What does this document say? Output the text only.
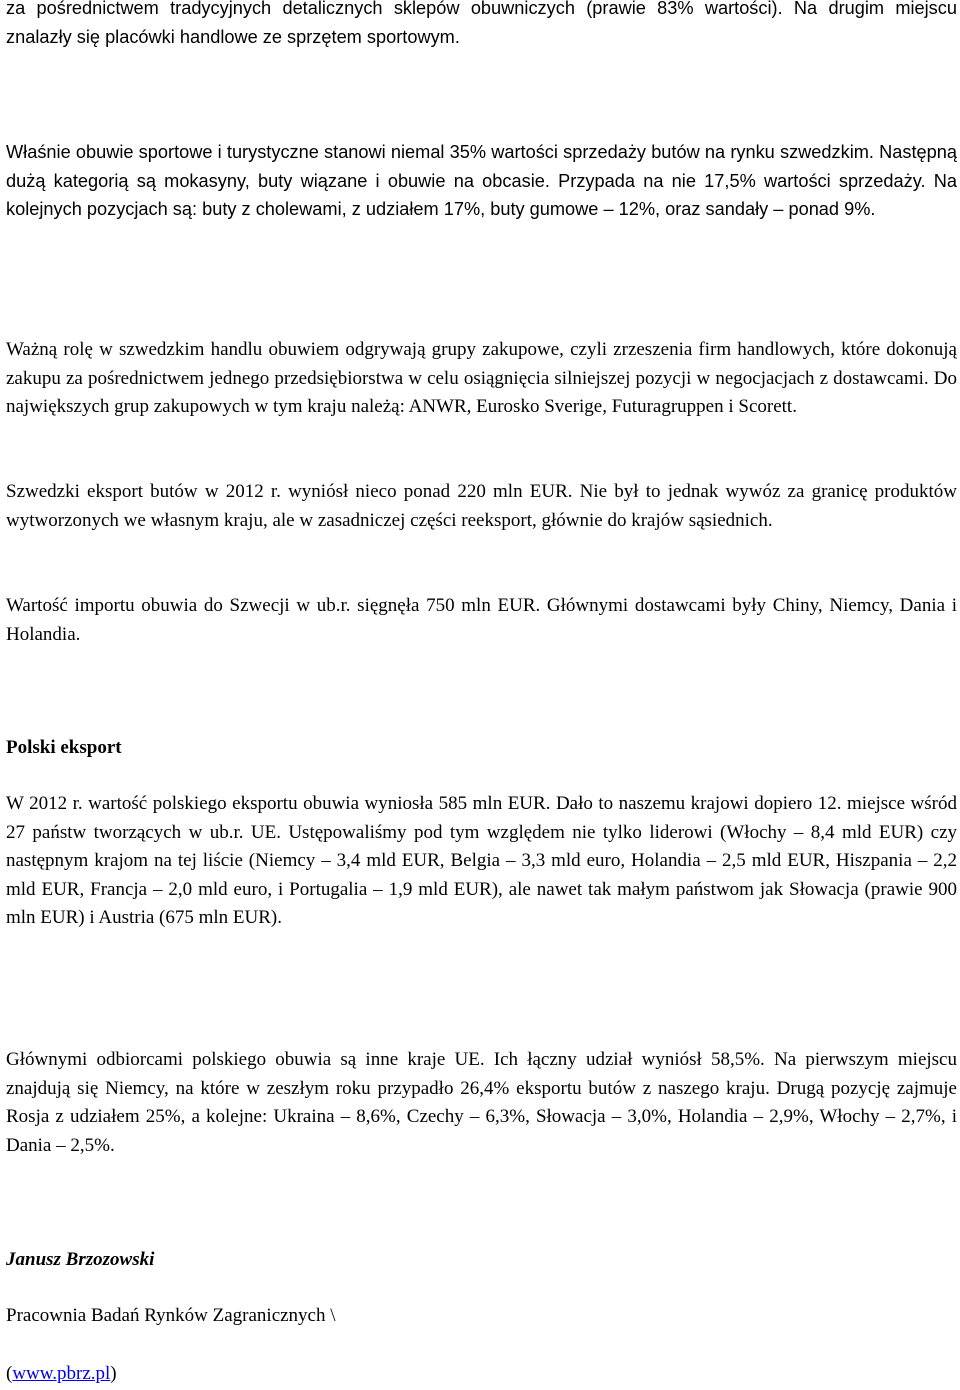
za pośrednictwem tradycyjnych detalicznych sklepów obuwniczych (prawie 83% wartości). Na drugim miejscu znalazły się placówki handlowe ze sprzętem sportowym.

Właśnie obuwie sportowe i turystyczne stanowi niemal 35% wartości sprzedaży butów na rynku szwedzkim. Następną dużą kategorią są mokasyny, buty wiązane i obuwie na obcasie. Przypada na nie 17,5% wartości sprzedaży. Na kolejnych pozycjach są: buty z cholewami, z udziałem 17%, buty gumowe – 12%, oraz sandały – ponad 9%.

Ważną rolę w szwedzkim handlu obuwiem odgrywają grupy zakupowe, czyli zrzeszenia firm handlowych, które dokonują zakupu za pośrednictwem jednego przedsiębiorstwa w celu osiągnięcia silniejszej pozycji w negocjacjach z dostawcami. Do największych grup zakupowych w tym kraju należą: ANWR, Eurosko Sverige, Futuragruppen i Scorett.

Szwedzki eksport butów w 2012 r. wyniósł nieco ponad 220 mln EUR. Nie był to jednak wywóz za granicę produktów wytworzonych we własnym kraju, ale w zasadniczej części reeksport, głównie do krajów sąsiednich.

Wartość importu obuwia do Szwecji w ub.r. sięgnęła 750 mln EUR. Głównymi dostawcami były Chiny, Niemcy, Dania i Holandia.

Polski eksport

W 2012 r. wartość polskiego eksportu obuwia wyniosła 585 mln EUR. Dało to naszemu krajowi dopiero 12. miejsce wśród 27 państw tworzących w ub.r. UE. Ustępowaliśmy pod tym względem nie tylko liderowi (Włochy – 8,4 mld EUR) czy następnym krajom na tej liście (Niemcy – 3,4 mld EUR, Belgia – 3,3 mld euro, Holandia – 2,5 mld EUR, Hiszpania – 2,2 mld EUR, Francja – 2,0 mld euro, i Portugalia – 1,9 mld EUR), ale nawet tak małym państwom jak Słowacja (prawie 900 mln EUR) i Austria (675 mln EUR).

Głównymi odbiorcami polskiego obuwia są inne kraje UE. Ich łączny udział wyniósł 58,5%. Na pierwszym miejscu znajdują się Niemcy, na które w zeszłym roku przypadło 26,4% eksportu butów z naszego kraju. Drugą pozycję zajmuje Rosja z udziałem 25%, a kolejne: Ukraina – 8,6%, Czechy – 6,3%, Słowacja – 3,0%, Holandia – 2,9%, Włochy – 2,7%, i Dania – 2,5%.

Janusz Brzozowski

Pracownia Badań Rynków Zagranicznych \

(www.pbrz.pl)
